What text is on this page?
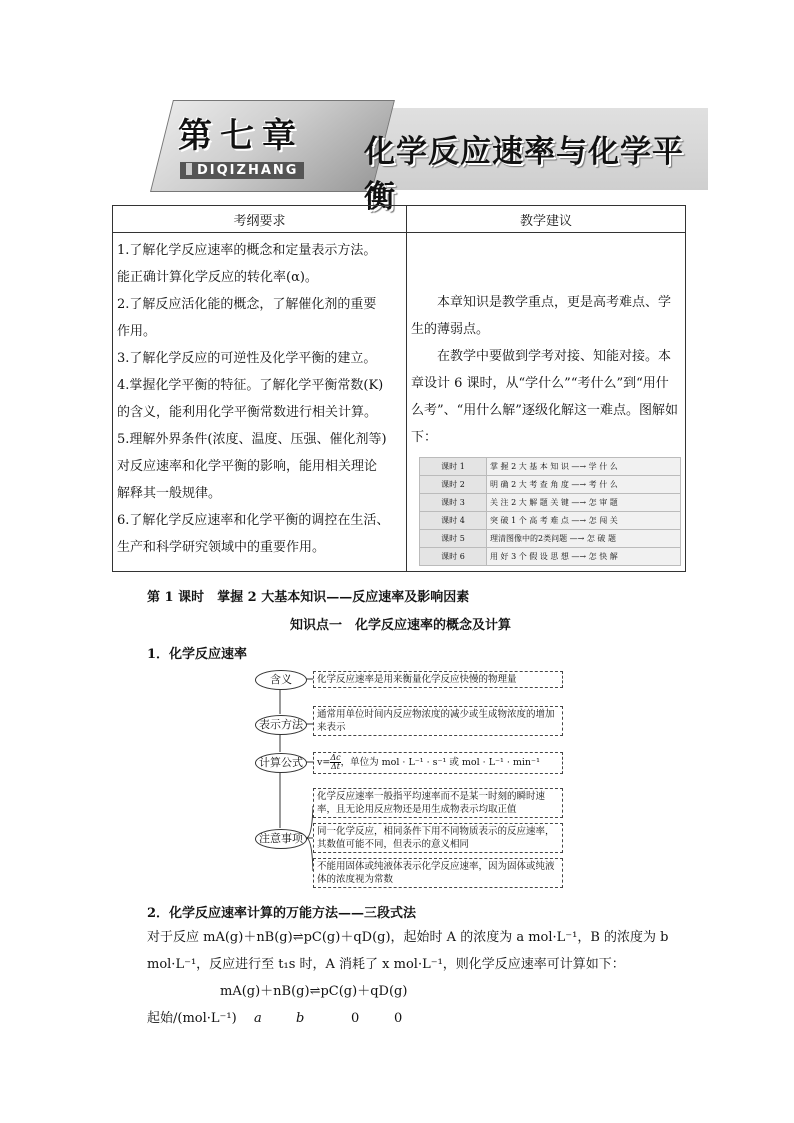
第七章
DIQIZHANG
化学反应速率与化学平衡
考纲要求	教学建议

1.了解化学反应速率的概念和定量表示方法。
能正确计算化学反应的转化率(α)。
2.了解反应活化能的概念，了解催化剂的重要
作用。
3.了解化学反应的可逆性及化学平衡的建立。
4.掌握化学平衡的特征。了解化学平衡常数(K)
的含义，能利用化学平衡常数进行相关计算。
5.理解外界条件(浓度、温度、压强、催化剂等)
对反应速率和化学平衡的影响，能用相关理论
解释其一般规律。
6.了解化学反应速率和化学平衡的调控在生活、
生产和科学研究领域中的重要作用。

本章知识是教学重点，更是高考难点、学生的薄弱点。

在教学中要做到学考对接、知能对接。本章设计 6 课时，从“学什么”“考什么”到“用什么考”、“用什么解”逐级化解这一难点。图解如下：

课时 1	掌 握 2 大 基 本 知 识 —→ 学 什 么
课时 2	明 确 2 大 考 查 角 度 —→ 考 什 么
课时 3	关 注 2 大 解 题 关 键 —→ 怎 审 题
课时 4	突 破 1 个 高 考 难 点 —→ 怎 闯 关
课时 5	理清图像中的2类问题 —→ 怎 破 题
课时 6	用 好 3 个 假 设 思 想 —→ 怎 快 解
第 1 课时　掌握 2 大基本知识——反应速率及影响因素
知识点一　化学反应速率的概念及计算
1．化学反应速率
含义
表示方法
计算公式
注意事项
化学反应速率是用来衡量化学反应快慢的物理量
通常用单位时间内反应物浓度的减少或生成物浓度的增加来表示
$v= \frac{\Delta c}{\Delta t}$ ，单位为 mol · L⁻¹ · s⁻¹ 或 mol · L⁻¹ · min⁻¹
化学反应速率一般指平均速率而不是某一时刻的瞬时速率，且无论用反应物还是用生成物表示均取正值
同一化学反应，相同条件下用不同物质表示的反应速率，其数值可能不同，但表示的意义相同
不能用固体或纯液体表示化学反应速率，因为固体或纯液体的浓度视为常数
2．化学反应速率计算的万能方法——三段式法
对于反应 mA(g)＋nB(g)⇌pC(g)＋qD(g)，起始时 A 的浓度为 a mol·L⁻¹，B 的浓度为 b
mol·L⁻¹，反应进行至 t₁s 时，A 消耗了 x mol·L⁻¹，则化学反应速率可计算如下：
mA(g)＋nB(g)⇌pC(g)＋qD(g)
起始/(mol·L⁻¹) a	b	0	0
